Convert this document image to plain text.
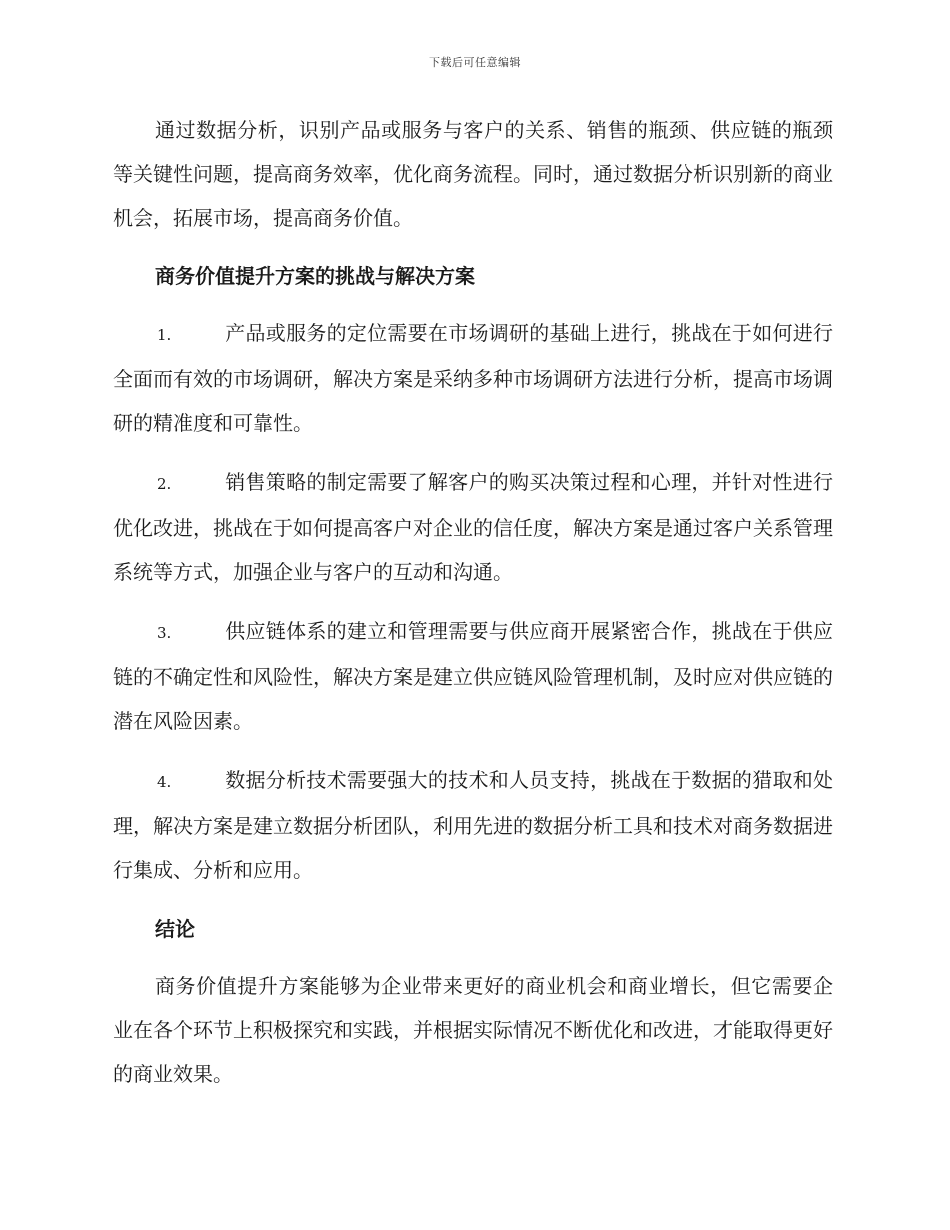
下载后可任意编辑

通过数据分析，识别产品或服务与客户的关系、销售的瓶颈、供应链的瓶颈等关键性问题，提高商务效率，优化商务流程。同时，通过数据分析识别新的商业机会，拓展市场，提高商务价值。

商务价值提升方案的挑战与解决方案
1.	产品或服务的定位需要在市场调研的基础上进行，挑战在于如何进行全面而有效的市场调研，解决方案是采纳多种市场调研方法进行分析，提高市场调研的精准度和可靠性。
2.	销售策略的制定需要了解客户的购买决策过程和心理，并针对性进行优化改进，挑战在于如何提高客户对企业的信任度，解决方案是通过客户关系管理系统等方式，加强企业与客户的互动和沟通。
3.	供应链体系的建立和管理需要与供应商开展紧密合作，挑战在于供应链的不确定性和风险性，解决方案是建立供应链风险管理机制，及时应对供应链的潜在风险因素。
4.	数据分析技术需要强大的技术和人员支持，挑战在于数据的猎取和处理，解决方案是建立数据分析团队，利用先进的数据分析工具和技术对商务数据进行集成、分析和应用。
结论

商务价值提升方案能够为企业带来更好的商业机会和商业增长，但它需要企业在各个环节上积极探究和实践，并根据实际情况不断优化和改进，才能取得更好的商业效果。
